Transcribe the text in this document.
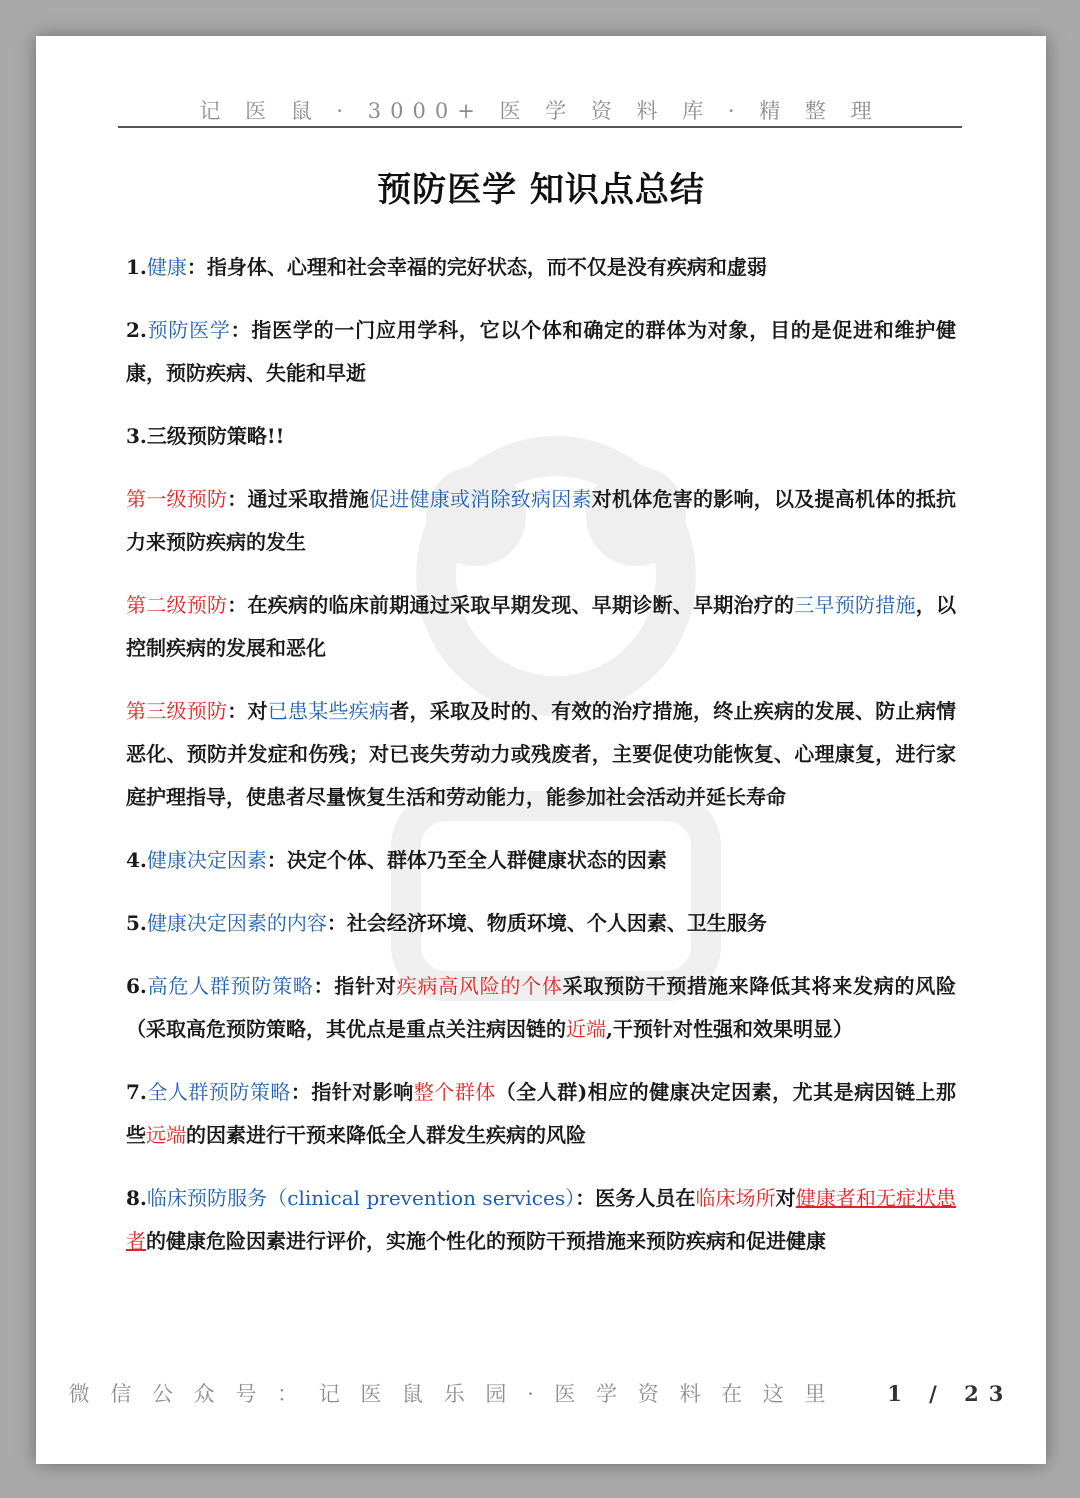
记 医 鼠 · 3000+ 医 学 资 料 库 · 精 整 理
预防医学 知识点总结

1.健康：指身体、心理和社会幸福的完好状态，而不仅是没有疾病和虚弱

2.预防医学：指医学的一门应用学科，它以个体和确定的群体为对象，目的是促进和维护健康，预防疾病、失能和早逝

3.三级预防策略!!

第一级预防：通过采取措施促进健康或消除致病因素对机体危害的影响，以及提高机体的抵抗力来预防疾病的发生

第二级预防：在疾病的临床前期通过采取早期发现、早期诊断、早期治疗的三早预防措施，以控制疾病的发展和恶化

第三级预防：对已患某些疾病者，采取及时的、有效的治疗措施，终止疾病的发展、防止病情恶化、预防并发症和伤残；对已丧失劳动力或残废者，主要促使功能恢复、心理康复，进行家庭护理指导，使患者尽量恢复生活和劳动能力，能参加社会活动并延长寿命

4.健康决定因素：决定个体、群体乃至全人群健康状态的因素

5.健康决定因素的内容：社会经济环境、物质环境、个人因素、卫生服务

6.高危人群预防策略：指针对疾病高风险的个体采取预防干预措施来降低其将来发病的风险（采取高危预防策略，其优点是重点关注病因链的近端,干预针对性强和效果明显）

7.全人群预防策略：指针对影响整个群体（全人群)相应的健康决定因素，尤其是病因链上那些远端的因素进行干预来降低全人群发生疾病的风险

8.临床预防服务（clinical prevention services）：医务人员在临床场所对健康者和无症状患者的健康危险因素进行评价，实施个性化的预防干预措施来预防疾病和促进健康

微 信 公 众 号 ： 记 医 鼠 乐 园 · 医 学 资 料 在 这 里	1 / 23
